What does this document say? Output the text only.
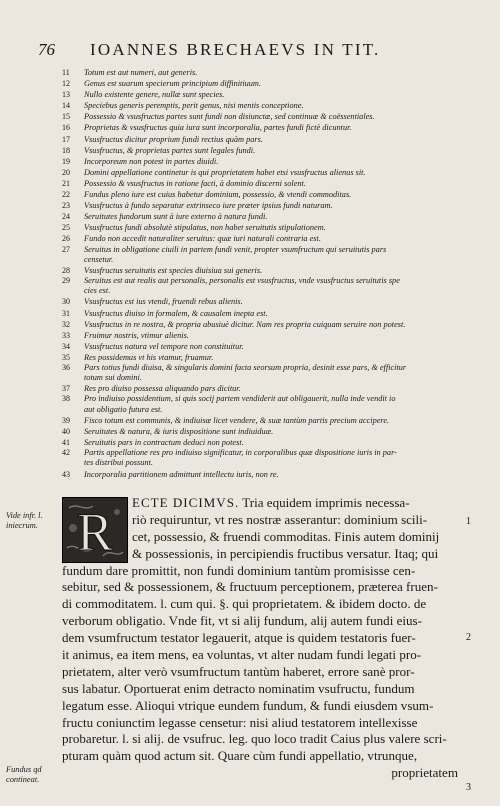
76	IOANNES BRECHAEVS IN TIT.
11	Totum est aut numeri, aut generis.
12	Genus est suarum specierum principium diffinitiuum.
13	Nullo existente genere, nullæ sunt species.
14	Speciebus generis peremptis, perit genus, nisi mentis conceptione.
15	Possessio & vsusfructus partes sunt fundi non disiunctæ, sed continuæ & coëssentiales.
16	Proprietas & vsusfructus quia iura sunt incorporalia, partes fundi fictè dicuntur.
17	Vsusfructus dicitur proprium fundi rectius quàm pars.
18	Vsusfructus, & proprietas partes sunt legales fundi.
19	Incorporeum non potest in partes diuidi.
20	Domini appellatione continetur is qui proprietatem habet etsi vsusfructus alienus sit.
21	Possessio & vsusfructus in ratione facti, à dominio discerni solent.
22	Fundus pleno iure est cuius habetur dominium, possessio, & vtendi commoditas.
23	Vsusfructus à fundo separatur extrinseco iure præter ipsius fundi naturam.
24	Seruitutes fundorum sunt à iure externo à natura fundi.
25	Vsusfructus fundi absolutè stipulatus, non habet seruitutis stipulationem.
26	Fundo non accedit naturaliter seruitus: quæ iuri naturali contraria est.
27	Seruitus in obligatione ciuili in partem fundi venit, propter vsumfructum qui seruitutis pars
censetur.
28	Vsusfructus seruitutis est species diuisiua sui generis.
29	Seruitus est aut realis aut personalis, personalis est vsusfructus, vnde vsusfructus seruitutis spe
cies est.
30	Vsusfructus est ius vtendi, fruendi rebus alienis.
31	Vsusfructus diuiso in formalem, & causalem inepta est.
32	Vsusfructus in re nostra, & propria abusiuè dicitur. Nam res propria cuiquam seruire non potest.
33	Fruimur nostris, vtimur alienis.
34	Vsusfructus natura vel tempore non constituitur.
35	Res possidemus vt his vtamur, fruamur.
36	Pars totius fundi diuisa, & singularis domini facta seorsum propria, desinit esse pars, & efficitur
totum sui domini.
37	Res pro diuiso possessa aliquando pars dicitur.
38	Pro indiuiso possidentium, si quis socij partem vendiderit aut obligauerit, nulla inde vendit io
aut obligatio futura est.
39	Fisco totum est communis, & indiuisæ licet vendere, & suæ tantùm partis precium accipere.
40	Seruitutes & natura, & iuris dispositione sunt indiuiduæ.
41	Seruitutis pars in contractum deduci non potest.
42	Partis appellatione res pro indiuiso significatur, in corporalibus quæ dispositione iuris in par-
tes distribui possunt.
43	Incorporalia partitionem admittunt intellectu iuris, non re.
Vide infr. l.
iniecrum.
Fundus qd
contineat.
1
2
3
R	ECTE DICIMVS. Tria equidem imprimis necessa-
riò requiruntur, vt res nostræ asserantur: dominium scili-
cet, possessio, & fruendi commoditas. Finis autem dominij
& possessionis, in percipiendis fructibus versatur. Itaq; qui
fundum dare promittit, non fundi dominium tantùm promisisse cen-
sebitur, sed & possessionem, & fructuum perceptionem, præterea fruen-
di commoditatem. l. cum qui. §. qui proprietatem. & ibidem docto. de
verborum obligatio. Vnde fit, vt si alij fundum, alij autem fundi eius-
dem vsumfructum testator legauerit, atque is quidem testatoris fuer-
it animus, ea item mens, ea voluntas, vt alter nudam fundi legati pro-
prietatem, alter verò vsumfructum tantùm haberet, errore sanè pror-
sus labatur. Oportuerat enim detracto nominatim vsufructu, fundum
legatum esse. Alioqui vtrique eundem fundum, & fundi eiusdem vsum-
fructu coniunctim legasse censetur: nisi aliud testatorem intellexisse
probaretur. l. si alij. de vsufruc. leg. quo loco tradit Caius plus valere scri-
pturam quàm quod actum sit. Quare cùm fundi appellatio, vtrunque,
proprietatem
